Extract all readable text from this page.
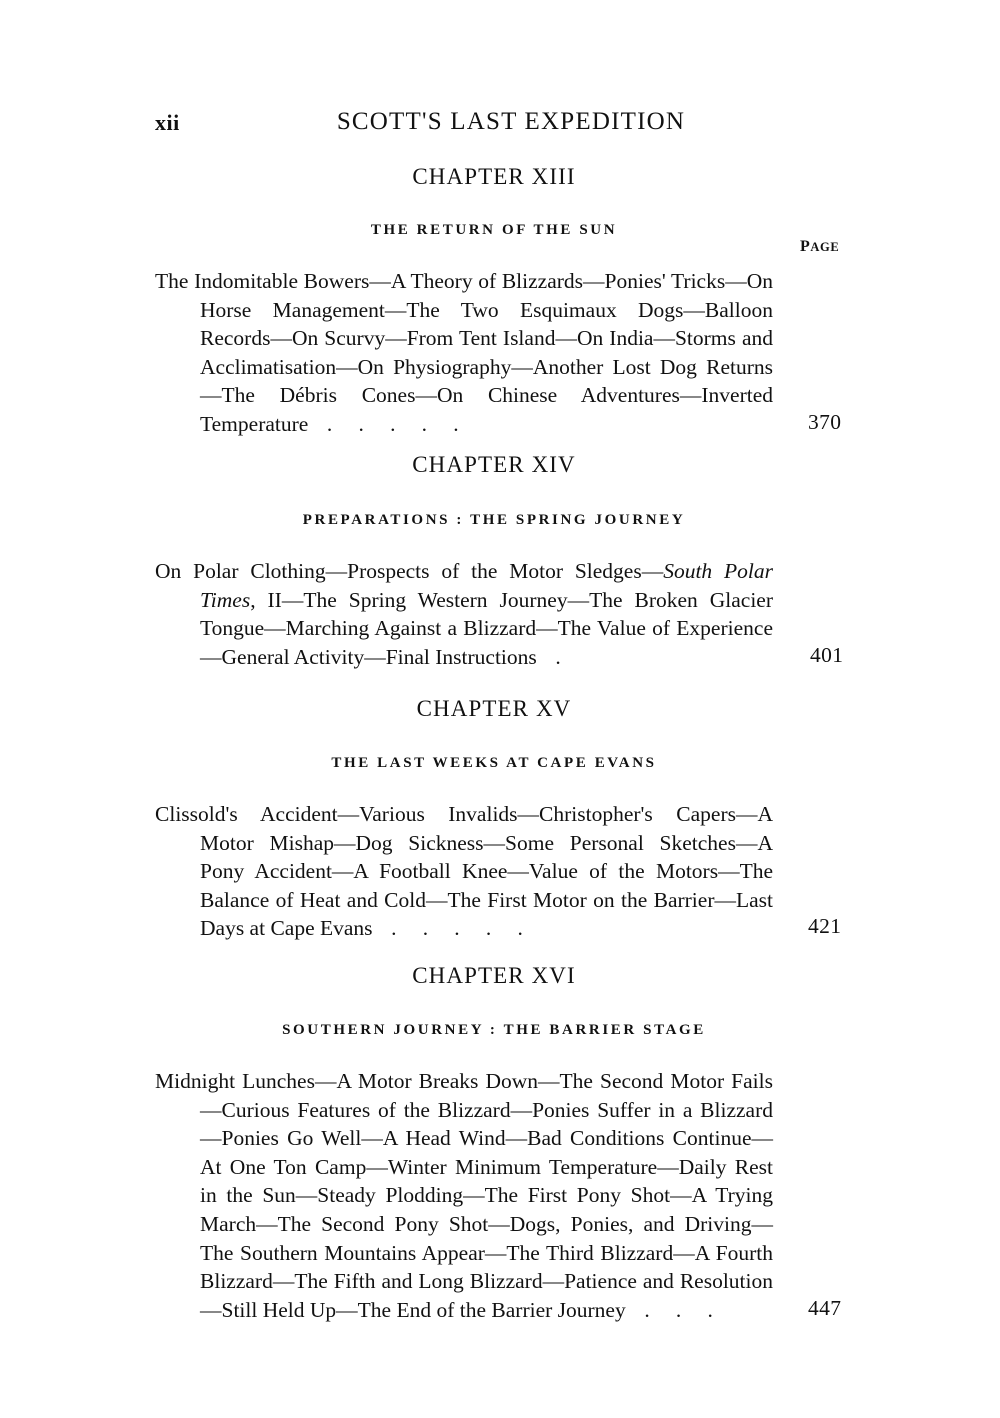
xii	SCOTT'S LAST EXPEDITION
PAGE
CHAPTER XIII
THE RETURN OF THE SUN
The Indomitable Bowers—A Theory of Blizzards—Ponies' Tricks—On Horse Management—The Two Esquimaux Dogs—Balloon Records—On Scurvy—From Tent Island—On India—Storms and Acclimatisation—On Physiography—Another Lost Dog Returns—The Débris Cones—On Chinese Adventures—Inverted Temperature . . . . .	370
CHAPTER XIV
PREPARATIONS : THE SPRING JOURNEY
On Polar Clothing—Prospects of the Motor Sledges—South Polar Times, II—The Spring Western Journey—The Broken Glacier Tongue—Marching Against a Blizzard—The Value of Experience—General Activity—Final Instructions .	401
CHAPTER XV
THE LAST WEEKS AT CAPE EVANS
Clissold's Accident—Various Invalids—Christopher's Capers—A Motor Mishap—Dog Sickness—Some Personal Sketches—A Pony Accident—A Football Knee—Value of the Motors—The Balance of Heat and Cold—The First Motor on the Barrier—Last Days at Cape Evans . . . . .	421
CHAPTER XVI
SOUTHERN JOURNEY : THE BARRIER STAGE
Midnight Lunches—A Motor Breaks Down—The Second Motor Fails—Curious Features of the Blizzard—Ponies Suffer in a Blizzard—Ponies Go Well—A Head Wind—Bad Conditions Continue—At One Ton Camp—Winter Minimum Temperature—Daily Rest in the Sun—Steady Plodding—The First Pony Shot—A Trying March—The Second Pony Shot—Dogs, Ponies, and Driving—The Southern Mountains Appear—The Third Blizzard—A Fourth Blizzard—The Fifth and Long Blizzard—Patience and Resolution—Still Held Up—The End of the Barrier Journey . . .	447
